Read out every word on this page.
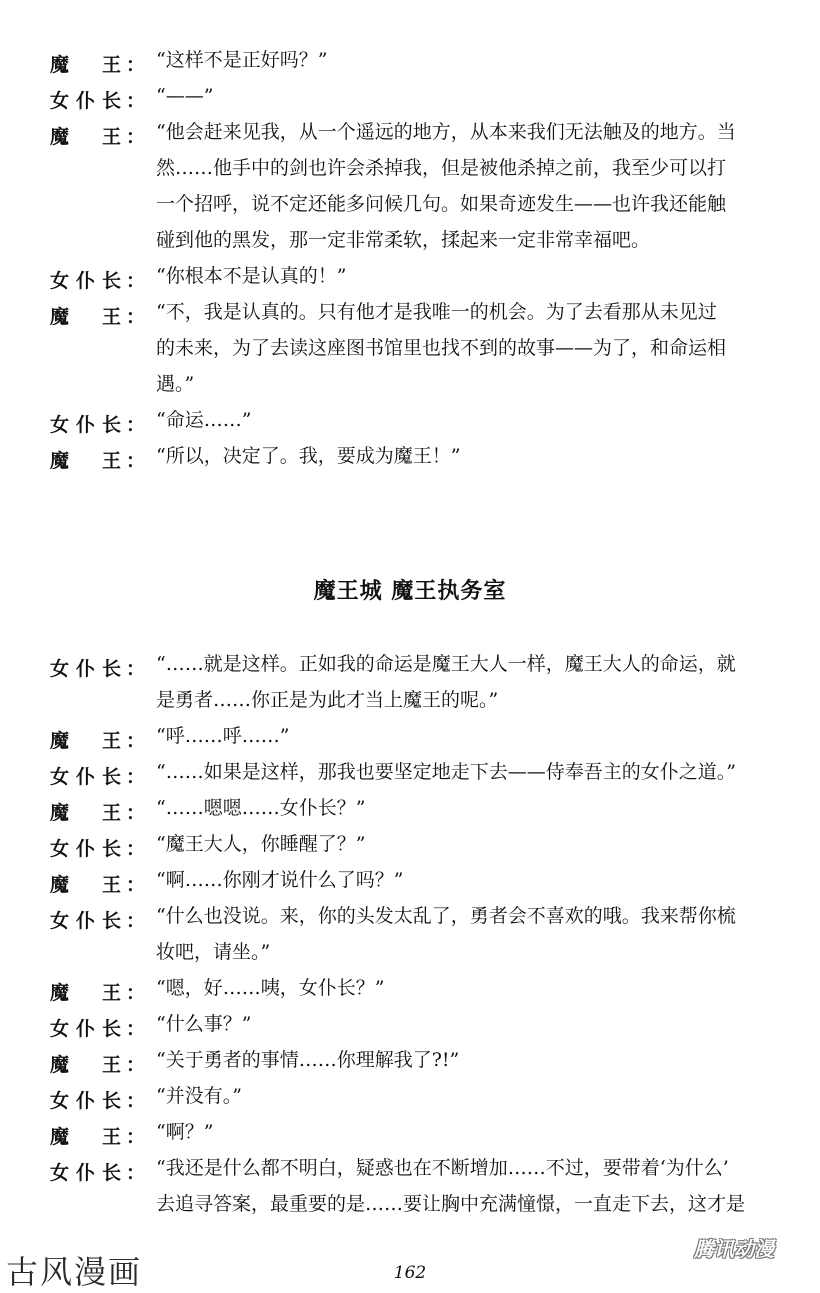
魔 王 ： “这样不是正好吗？”
女 仆 长 ： “——”
魔 王 ： “他会赶来见我，从一个遥远的地方，从本来我们无法触及的地方。当
然……他手中的剑也许会杀掉我，但是被他杀掉之前，我至少可以打
一个招呼，说不定还能多问候几句。如果奇迹发生——也许我还能触
碰到他的黑发，那一定非常柔软，揉起来一定非常幸福吧。
女 仆 长 ： “你根本不是认真的！”
魔 王 ： “不，我是认真的。只有他才是我唯一的机会。为了去看那从未见过
的未来，为了去读这座图书馆里也找不到的故事——为了，和命运相
遇。”
女 仆 长 ： “命运……”
魔 王 ： “所以，决定了。我，要成为魔王！”
魔王城 魔王执务室
女 仆 长 ： “……就是这样。正如我的命运是魔王大人一样，魔王大人的命运，就
是勇者……你正是为此才当上魔王的呢。”
魔 王 ： “呼……呼……”
女 仆 长 ： “……如果是这样，那我也要坚定地走下去——侍奉吾主的女仆之道。”
魔 王 ： “……嗯嗯……女仆长？”
女 仆 长 ： “魔王大人，你睡醒了？”
魔 王 ： “啊……你刚才说什么了吗？”
女 仆 长 ： “什么也没说。来，你的头发太乱了，勇者会不喜欢的哦。我来帮你梳
妆吧，请坐。”
魔 王 ： “嗯，好……咦，女仆长？”
女 仆 长 ： “什么事？”
魔 王 ： “关于勇者的事情……你理解我了?!”
女 仆 长 ： “并没有。”
魔 王 ： “啊？”
女 仆 长 ： “我还是什么都不明白，疑惑也在不断增加……不过，要带着‘为什么’
去追寻答案，最重要的是……要让胸中充满憧憬，一直走下去，这才是
古风漫画	162
腾讯动漫
